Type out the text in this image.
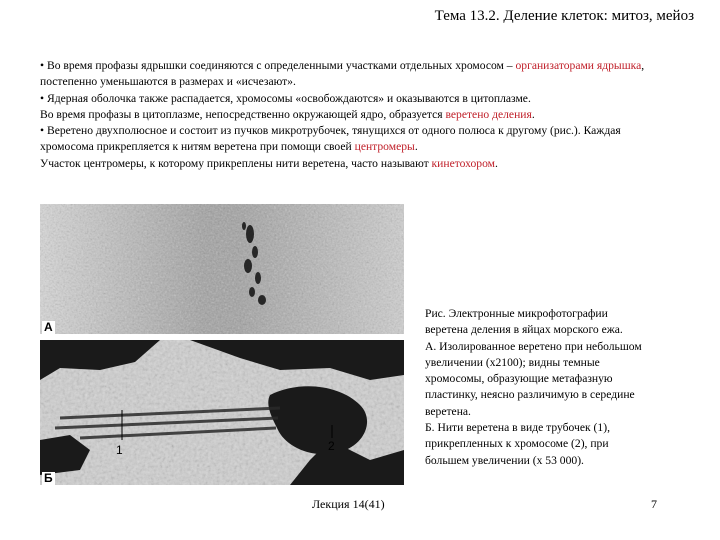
Тема 13.2. Деление клеток: митоз, мейоз

• Во время профазы ядрышки соединяются с определенными участками отдельных хромосом – организаторами ядрышка, постепенно уменьшаются в размерах и «исчезают».

• Ядерная оболочка также распадается, хромосомы «освобождаются» и оказываются в цитоплазме.

Во время профазы в цитоплазме, непосредственно окружающей ядро, образуется веретено деления.

• Веретено двухполюсное и состоит из пучков микротрубочек, тянущихся от одного полюса к другому (рис.). Каждая хромосома прикрепляется к нитям веретена при помощи своей центромеры.

Участок центромеры, к которому прикреплены нити веретена, часто называют кинетохором.

А
1	2
Б

Рис. Электронные микрофотографии

веретена деления в яйцах морского ежа.

А. Изолированное веретено при небольшом

увеличении (х2100); видны темные

хромосомы, образующие метафазную

пластинку, неясно различимую в середине

веретена.

Б. Нити веретена в виде трубочек (1),

прикрепленных к хромосоме (2), при

большем увеличении (х 53 000).

Лекция 14(41)	7
